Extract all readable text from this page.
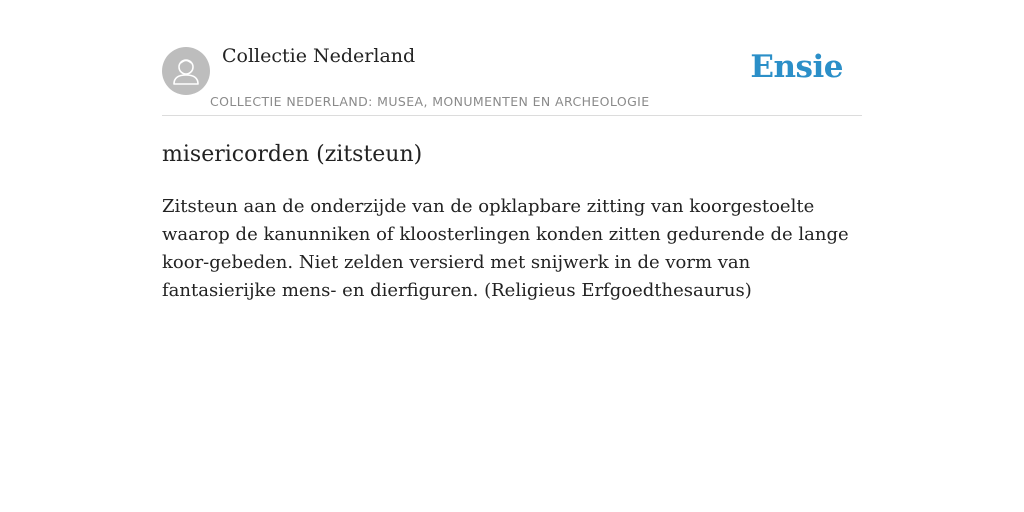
Collectie Nederland
COLLECTIE NEDERLAND: MUSEA, MONUMENTEN EN ARCHEOLOGIE
Ensie
misericorden (zitsteun)

Zitsteun aan de onderzijde van de opklapbare zitting van koorgestoelte waarop de kanunniken of kloosterlingen konden zitten gedurende de lange koor-gebeden. Niet zelden versierd met snijwerk in de vorm van fantasierijke mens- en dierfiguren. (Religieus Erfgoedthesaurus)
